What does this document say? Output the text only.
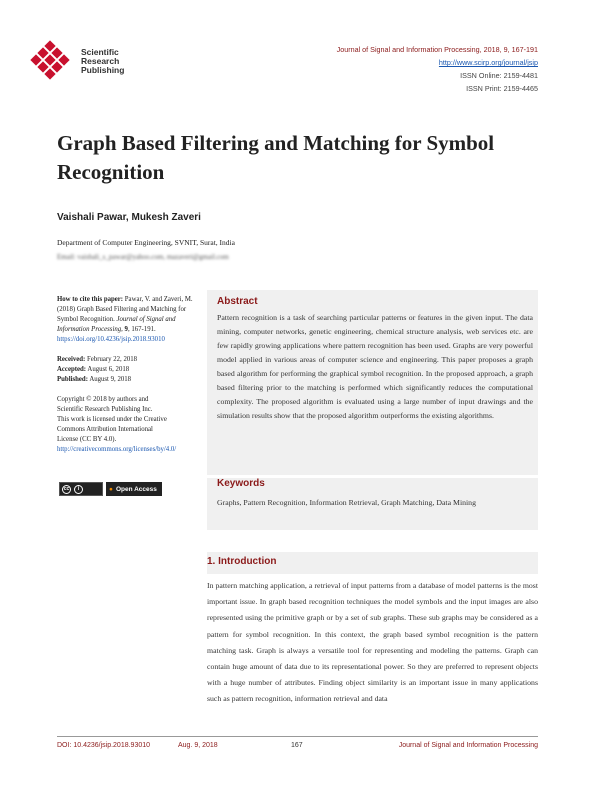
Scientific
Research
Publishing
Journal of Signal and Information Processing, 2018, 9, 167-191
http://www.scirp.org/journal/jsip
ISSN Online: 2159-4481
ISSN Print: 2159-4465
Graph Based Filtering and Matching for Symbol
Recognition
Vaishali Pawar, Mukesh Zaveri
Department of Computer Engineering, SVNIT, Surat, India
Email: vaishali_s_pawar@yahoo.com, mazaveri@gmail.com

How to cite this paper: Pawar, V. and Zaveri, M. (2018) Graph Based Filtering and Matching for Symbol Recognition. Journal of Signal and Information Processing, 9, 167-191.
https://doi.org/10.4236/jsip.2018.93010

Received: February 22, 2018
Accepted: August 6, 2018
Published: August 9, 2018

Copyright © 2018 by authors and
Scientific Research Publishing Inc.
This work is licensed under the Creative
Commons Attribution International
License (CC BY 4.0).
http://creativecommons.org/licenses/by/4.0/

cc	i	● Open Access
Abstract
Pattern recognition is a task of searching particular patterns or features in the given input. The data mining, computer networks, genetic engineering, chemical structure analysis, web services etc. are few rapidly growing applications where pattern recognition has been used. Graphs are very powerful model applied in various areas of computer science and engineering. This paper proposes a graph based algorithm for performing the graphical symbol recognition. In the proposed approach, a graph based filtering prior to the matching is performed which significantly reduces the computational complexity. The proposed algorithm is evaluated using a large number of input drawings and the simulation results show that the proposed algorithm outperforms the existing algorithms.
Keywords
Graphs, Pattern Recognition, Information Retrieval, Graph Matching, Data Mining
1. Introduction
In pattern matching application, a retrieval of input patterns from a database of model patterns is the most important issue. In graph based recognition techniques the model symbols and the input images are also represented using the primitive graph or by a set of sub graphs. These sub graphs may be considered as a pattern for symbol recognition. In this context, the graph based symbol recognition is the pattern matching task. Graph is always a versatile tool for representing and modeling the patterns. Graph can contain huge amount of data due to its representational power. So they are preferred to represent objects with a huge number of attributes. Finding object similarity is an important issue in many applications such as pattern recognition, information retrieval and data
DOI: 10.4236/jsip.2018.93010	Aug. 9, 2018	167	Journal of Signal and Information Processing
